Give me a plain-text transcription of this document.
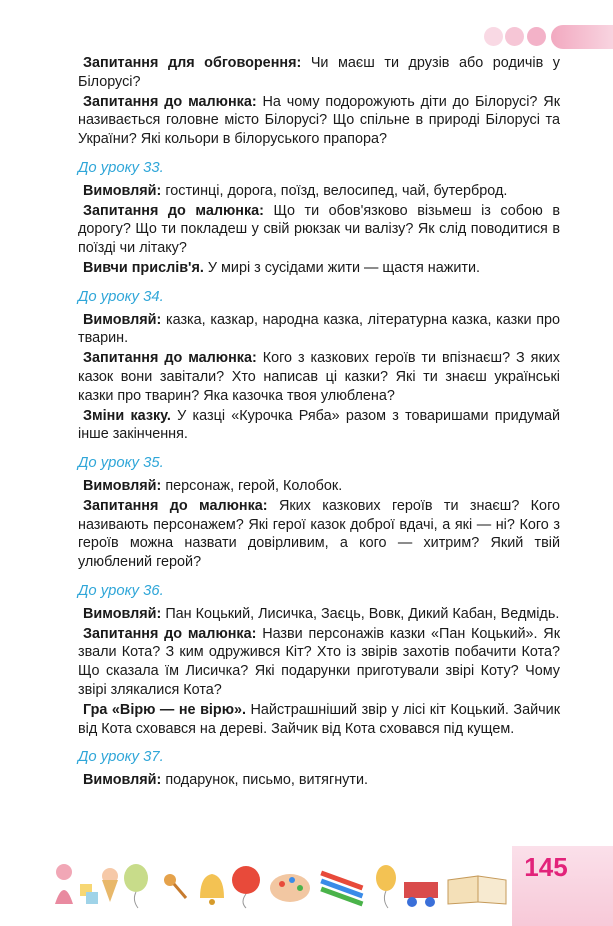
Запитання для обговорення: Чи маєш ти друзів або родичів у Білорусі?

Запитання до малюнка: На чому подорожують діти до Білорусі? Як називається головне місто Білорусі? Що спільне в природі Білорусі та України? Які кольори в білоруського прапора?

До уроку 33.

Вимовляй: гостинці, дорога, поїзд, велосипед, чай, бутерброд.

Запитання до малюнка: Що ти обов'язково візьмеш із собою в дорогу? Що ти покладеш у свій рюкзак чи валізу? Як слід поводитися в поїзді чи літаку?

Вивчи прислів'я. У мирі з сусідами жити — щастя нажити.

До уроку 34.

Вимовляй: казка, казкар, народна казка, літературна казка, казки про тварин.

Запитання до малюнка: Кого з казкових героїв ти впізнаєш? З яких казок вони завітали? Хто написав ці казки? Які ти знаєш українські казки про тварин? Яка казочка твоя улюблена?

Зміни казку. У казці «Курочка Ряба» разом з товаришами придумай інше закінчення.

До уроку 35.

Вимовляй: персонаж, герой, Колобок.

Запитання до малюнка: Яких казкових героїв ти знаєш? Кого називають персонажем? Які герої казок доброї вдачі, а які — ні? Кого з героїв можна назвати довірливим, а кого — хитрим? Який твій улюблений герой?

До уроку 36.

Вимовляй: Пан Коцький, Лисичка, Заєць, Вовк, Дикий Кабан, Ведмідь.

Запитання до малюнка: Назви персонажів казки «Пан Коцький». Як звали Кота? З ким одружився Кіт? Хто із звірів захотів побачити Кота? Що сказала їм Лисичка? Які подарунки приготували звірі Коту? Чому звірі злякалися Кота?

Гра «Вірю — не вірю». Найстрашніший звір у лісі кіт Коцький. Зайчик від Кота сховався на дереві. Зайчик від Кота сховався під кущем.

До уроку 37.

Вимовляй: подарунок, письмо, витягнути.

145
